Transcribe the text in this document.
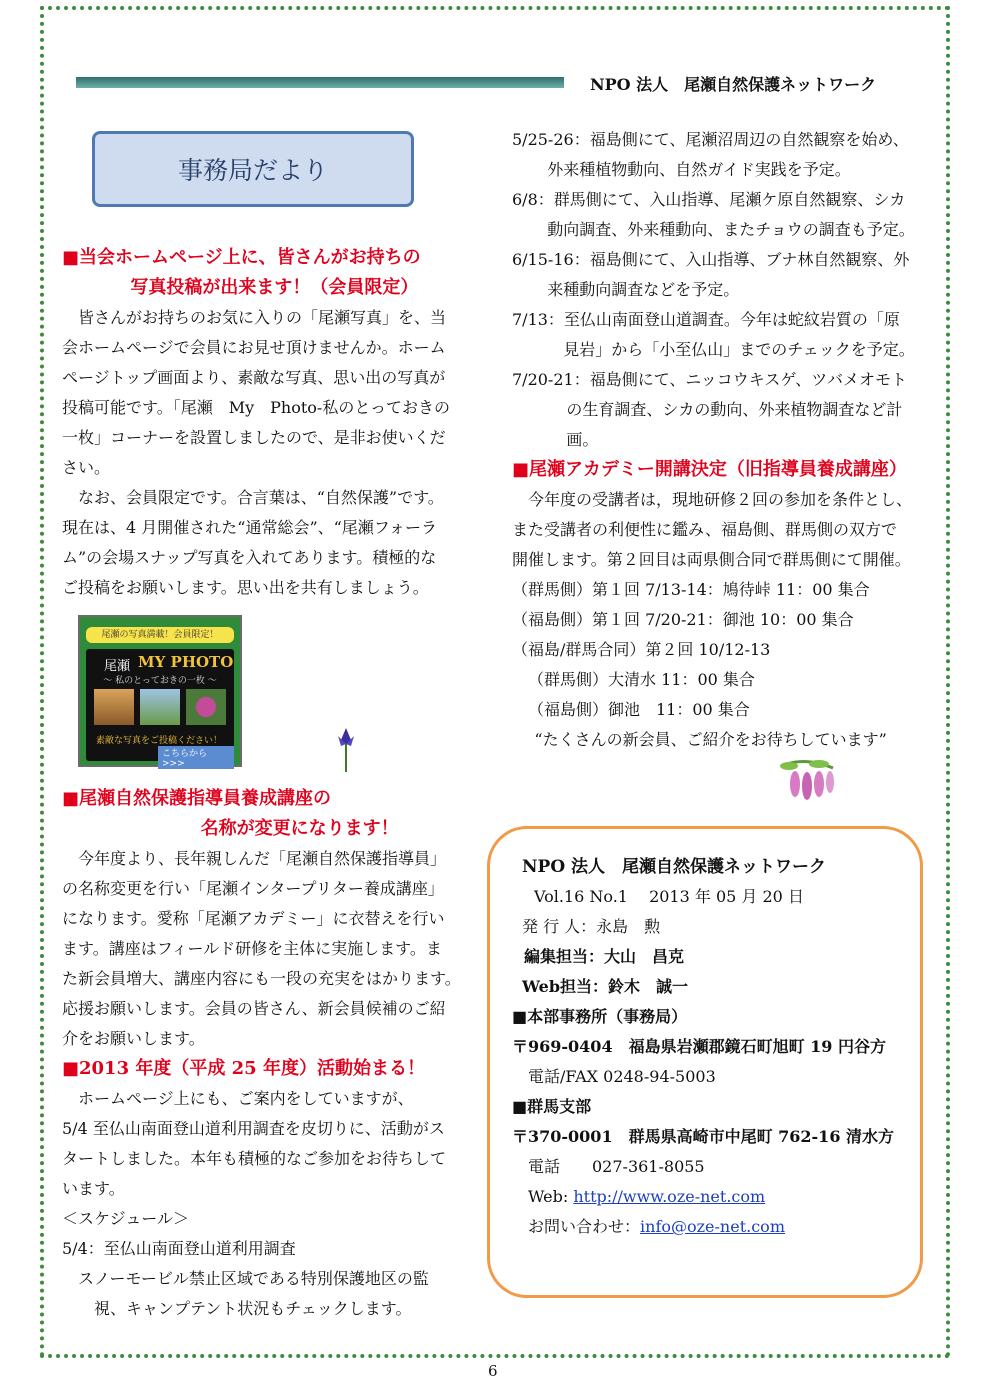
NPO 法人　尾瀬自然保護ネットワーク
事務局だより

■当会ホームページ上に、皆さんがお持ちの

写真投稿が出来ます！（会員限定）

皆さんがお持ちのお気に入りの「尾瀬写真」を、当

会ホームページで会員にお見せ頂けませんか。ホーム

ページトップ画面より、素敵な写真、思い出の写真が

投稿可能です。「尾瀬　My　Photo-私のとっておきの

一枚」コーナーを設置しましたので、是非お使いくだ

さい。

なお、会員限定です。合言葉は、“自然保護”です。

現在は、4 月開催された“通常総会”、“尾瀬フォーラ

ム”の会場スナップ写真を入れてあります。積極的な

ご投稿をお願いします。思い出を共有しましょう。

尾瀬の写真満載！会員限定！
尾瀬 MY PHOTO
～ 私のとっておきの一枚 ～
素敵な写真をご投稿ください！
こちらから　>>>

■尾瀬自然保護指導員養成講座の

名称が変更になります！

今年度より、長年親しんだ「尾瀬自然保護指導員」

の名称変更を行い「尾瀬インタープリター養成講座」

になります。愛称「尾瀬アカデミー」に衣替えを行い

ます。講座はフィールド研修を主体に実施します。ま

た新会員増大、講座内容にも一段の充実をはかります。

応援お願いします。会員の皆さん、新会員候補のご紹

介をお願いします。

■2013 年度（平成 25 年度）活動始まる！

ホームページ上にも、ご案内をしていますが、

5/4 至仏山南面登山道利用調査を皮切りに、活動がス

タートしました。本年も積極的なご参加をお待ちして

います。

＜スケジュール＞

5/4：至仏山南面登山道利用調査

スノーモービル禁止区域である特別保護地区の監

視、キャンプテント状況もチェックします。

5/25-26：福島側にて、尾瀬沼周辺の自然観察を始め、

外来種植物動向、自然ガイド実践を予定。

6/8：群馬側にて、入山指導、尾瀬ケ原自然観察、シカ

動向調査、外来種動向、またチョウの調査も予定。

6/15-16：福島側にて、入山指導、ブナ林自然観察、外

来種動向調査などを予定。

7/13：至仏山南面登山道調査。今年は蛇紋岩質の「原

見岩」から「小至仏山」までのチェックを予定。

7/20-21：福島側にて、ニッコウキスゲ、ツバメオモト

の生育調査、シカの動向、外来植物調査など計

画。

■尾瀬アカデミー開講決定（旧指導員養成講座）

今年度の受講者は，現地研修２回の参加を条件とし、

また受講者の利便性に鑑み、福島側、群馬側の双方で

開催します。第２回目は両県側合同で群馬側にて開催。

（群馬側）第１回 7/13-14：鳩待峠 11：00 集合

（福島側）第１回 7/20-21：御池 10：00 集合

（福島/群馬合同）第２回 10/12-13

（群馬側）大清水 11：00 集合

（福島側）御池　11：00 集合

“たくさんの新会員、ご紹介をお待ちしています”

NPO 法人　尾瀬自然保護ネットワーク

Vol.16 No.1　 2013 年 05 月 20 日

発 行 人：永島　勲

編集担当：大山　昌克

Web担当：鈴木　誠一

■本部事務所（事務局）

〒969-0404　福島県岩瀬郡鏡石町旭町 19 円谷方

電話/FAX 0248-94-5003

■群馬支部

〒370-0001　群馬県高崎市中尾町 762-16 清水方

電話　　027-361-8055

Web: http://www.oze-net.com

お問い合わせ：info@oze-net.com

6
